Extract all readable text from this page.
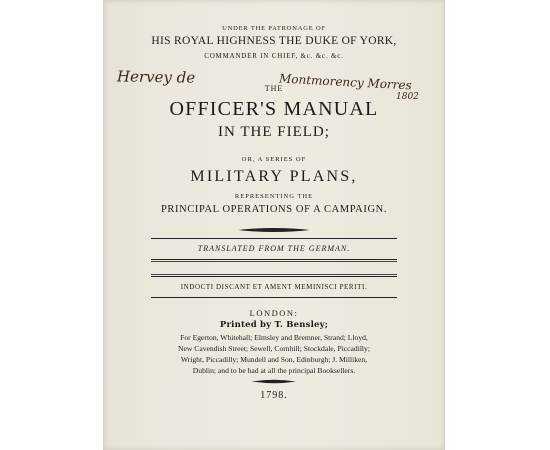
UNDER THE PATRONAGE OF
HIS ROYAL HIGHNESS THE DUKE OF YORK,
COMMANDER IN CHIEF, &c. &c. &c.
Hervey de	Montmorency Morres
1802
THE
OFFICER'S MANUAL
IN THE FIELD;
OR, A SERIES OF
MILITARY PLANS,
REPRESENTING THE
PRINCIPAL OPERATIONS OF A CAMPAIGN.
TRANSLATED FROM THE GERMAN.
INDOCTI DISCANT ET AMENT MEMINISCI PERITI.
LONDON:
Printed by T. Bensley;
For Egerton, Whitehall; Elmsley and Bremner, Strand; Lloyd,
New Cavendish Street; Sewell, Cornhill; Stockdale, Piccadilly;
Wright, Piccadilly; Mundell and Son, Edinburgh; J. Milliken,
Dublin; and to be had at all the principal Booksellers.
1798.
